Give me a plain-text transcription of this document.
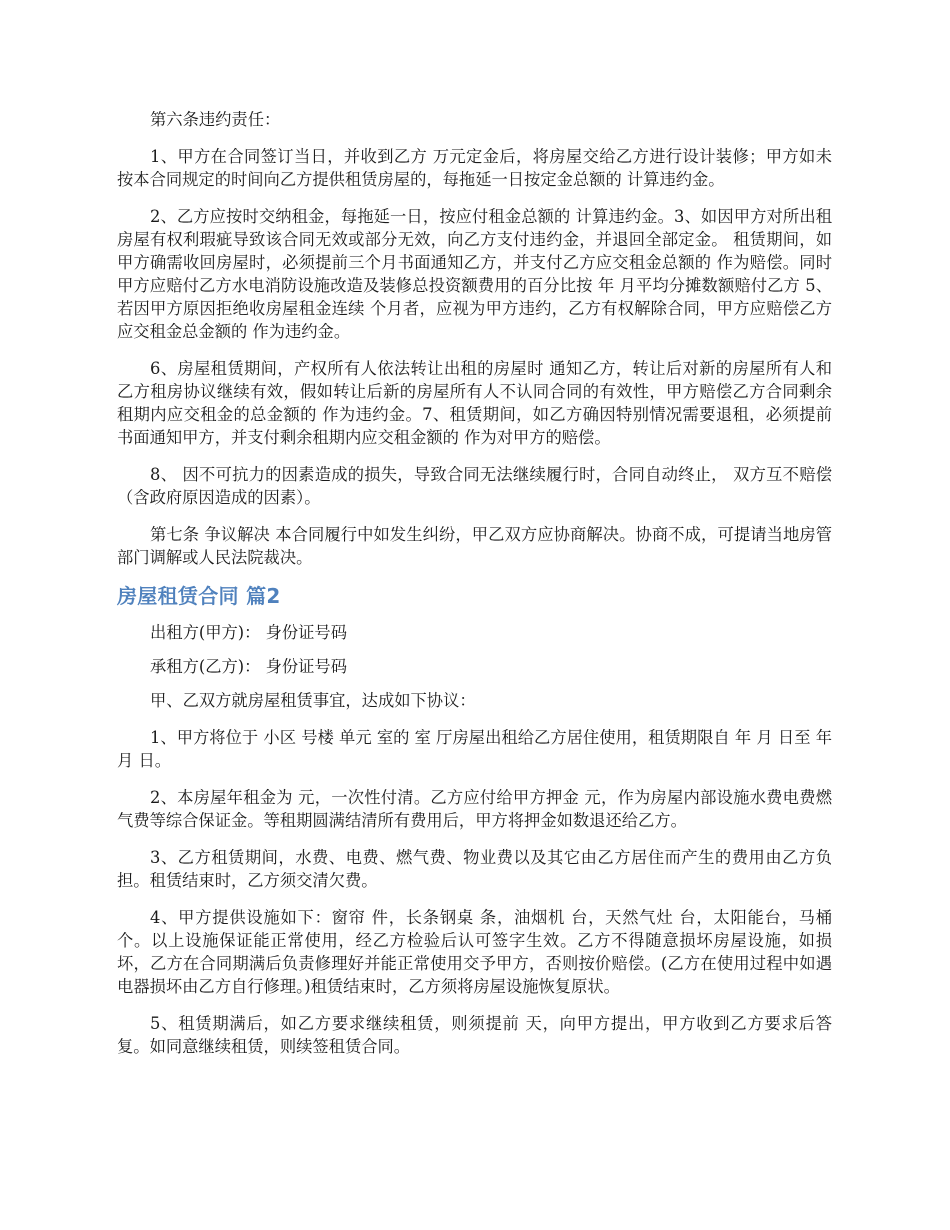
第六条违约责任：

1、甲方在合同签订当日，并收到乙方 万元定金后，将房屋交给乙方进行设计装修；甲方如未按本合同规定的时间向乙方提供租赁房屋的，每拖延一日按定金总额的 计算违约金。

2、乙方应按时交纳租金，每拖延一日，按应付租金总额的 计算违约金。3、如因甲方对所出租房屋有权利瑕疵导致该合同无效或部分无效，向乙方支付违约金，并退回全部定金。 租赁期间，如甲方确需收回房屋时，必须提前三个月书面通知乙方，并支付乙方应交租金总额的 作为赔偿。同时甲方应赔付乙方水电消防设施改造及装修总投资额费用的百分比按 年 月平均分摊数额赔付乙方 5、若因甲方原因拒绝收房屋租金连续 个月者，应视为甲方违约，乙方有权解除合同，甲方应赔偿乙方应交租金总金额的 作为违约金。

6、房屋租赁期间，产权所有人依法转让出租的房屋时 通知乙方，转让后对新的房屋所有人和乙方租房协议继续有效，假如转让后新的房屋所有人不认同合同的有效性，甲方赔偿乙方合同剩余租期内应交租金的总金额的 作为违约金。7、租赁期间，如乙方确因特别情况需要退租，必须提前 书面通知甲方，并支付剩余租期内应交租金额的 作为对甲方的赔偿。

8、 因不可抗力的因素造成的损失，导致合同无法继续履行时，合同自动终止， 双方互不赔偿（含政府原因造成的因素）。

第七条 争议解决 本合同履行中如发生纠纷，甲乙双方应协商解决。协商不成，可提请当地房管部门调解或人民法院裁决。

房屋租赁合同 篇2

出租方(甲方)： 身份证号码

承租方(乙方)： 身份证号码

甲、乙双方就房屋租赁事宜，达成如下协议：

1、甲方将位于 小区 号楼 单元 室的 室 厅房屋出租给乙方居住使用，租赁期限自 年 月 日至 年 月 日。

2、本房屋年租金为 元，一次性付清。乙方应付给甲方押金 元，作为房屋内部设施水费电费燃气费等综合保证金。等租期圆满结清所有费用后，甲方将押金如数退还给乙方。

3、乙方租赁期间，水费、电费、燃气费、物业费以及其它由乙方居住而产生的费用由乙方负担。租赁结束时，乙方须交清欠费。

4、甲方提供设施如下：窗帘 件，长条钢桌 条，油烟机 台，天然气灶 台，太阳能台，马桶 个。以上设施保证能正常使用，经乙方检验后认可签字生效。乙方不得随意损坏房屋设施，如损坏，乙方在合同期满后负责修理好并能正常使用交予甲方，否则按价赔偿。(乙方在使用过程中如遇电器损坏由乙方自行修理。)租赁结束时，乙方须将房屋设施恢复原状。

5、租赁期满后，如乙方要求继续租赁，则须提前 天，向甲方提出，甲方收到乙方要求后答复。如同意继续租赁，则续签租赁合同。
